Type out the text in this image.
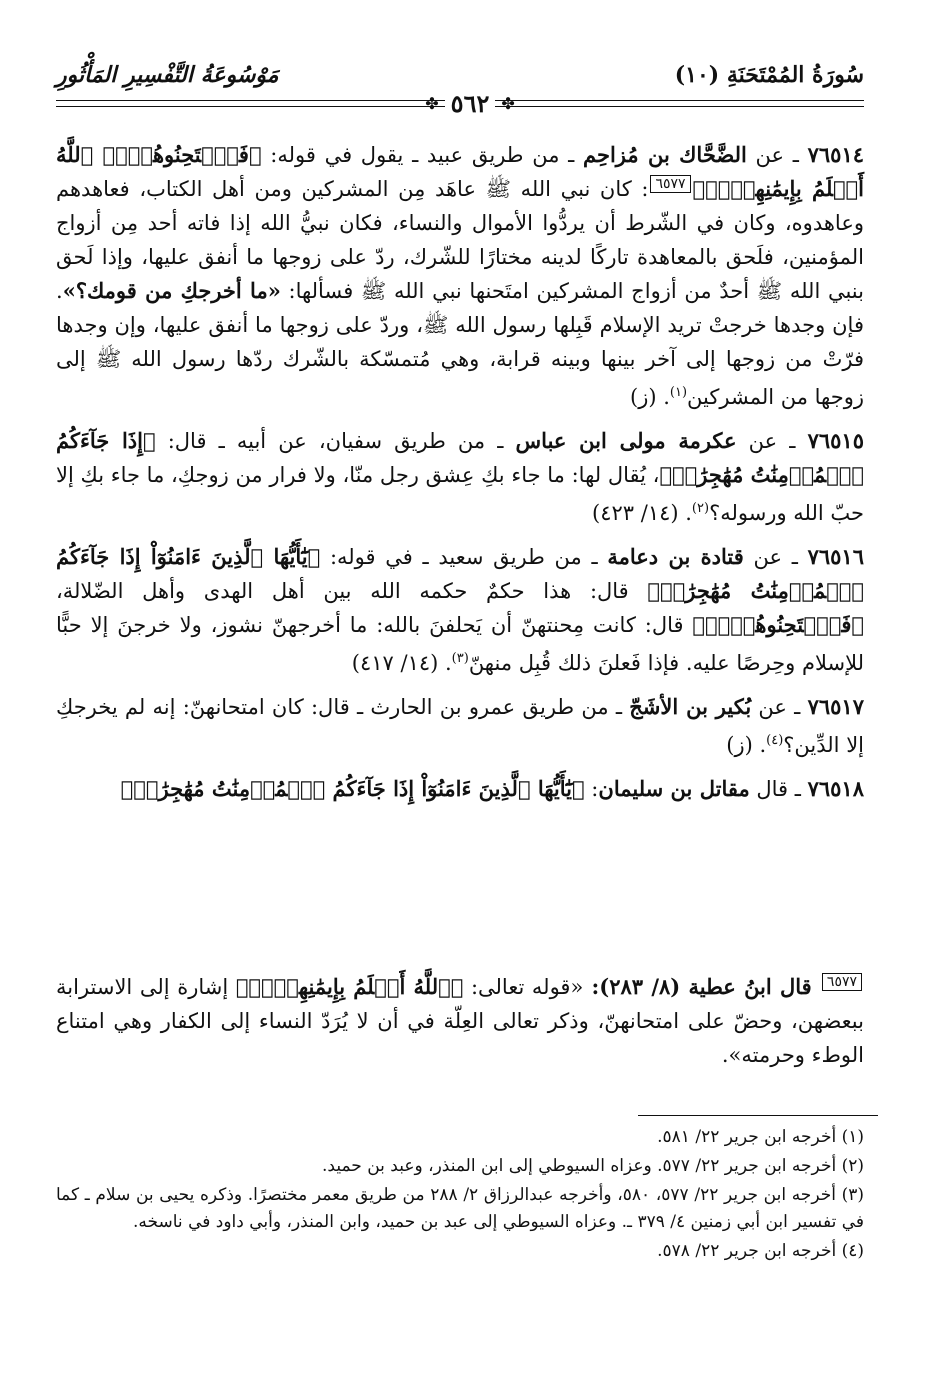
سُورَةُ المُمْتَحَنَةِ (١٠)
مَوْسُوعَةُ التَّفْسِيرِ المَأْثُورِ
✤
٥٦٢
✤

٧٦٥١٤ ـ عن الضَّحَّاك بن مُزاحِم ـ من طريق عبيد ـ يقول في قوله: ﴿فَٱمۡتَحِنُوهُنَّۖ ٱللَّهُ أَعۡلَمُ بِإِيمَٰنِهِنَّۖ﴾٦٥٧٧: كان نبي الله ﷺ عاهَد مِن المشركين ومن أهل الكتاب، فعاهدهم وعاهدوه، وكان في الشّرط أن يردُّوا الأموال والنساء، فكان نبيُّ الله إذا فاته أحد مِن أزواج المؤمنين، فلَحق بالمعاهدة تاركًا لدينه مختارًا للشّرك، ردّ على زوجها ما أنفق عليها، وإذا لَحق بنبي الله ﷺ أحدٌ من أزواج المشركين امتَحنها نبي الله ﷺ فسألها: «ما أخرجكِ من قومك؟». فإن وجدها خرجتْ تريد الإسلام قَبِلها رسول الله ﷺ، وردّ على زوجها ما أنفق عليها، وإن وجدها فرّتْ من زوجها إلى آخر بينها وبينه قرابة، وهي مُتمسّكة بالشّرك ردّها رسول الله ﷺ إلى زوجها من المشركين$^{(١)}$. (ز)

٧٦٥١٥ ـ عن عكرمة مولى ابن عباس ـ من طريق سفيان، عن أبيه ـ قال: ﴿إِذَا جَآءَكُمُ ٱلۡمُؤۡمِنَٰتُ مُهَٰجِرَٰتٖ﴾، يُقال لها: ما جاء بكِ عِشق رجل منّا، ولا فرار من زوجكِ، ما جاء بكِ إلا حبّ الله ورسوله؟$^{(٢)}$. (١٤/ ٤٢٣)

٧٦٥١٦ ـ عن قتادة بن دعامة ـ من طريق سعيد ـ في قوله: ﴿يَٰٓأَيُّهَا ٱلَّذِينَ ءَامَنُوٓاْ إِذَا جَآءَكُمُ ٱلۡمُؤۡمِنَٰتُ مُهَٰجِرَٰتٖ﴾ قال: هذا حكمٌ حكمه الله بين أهل الهدى وأهل الضّلالة، ﴿فَٱمۡتَحِنُوهُنَّۖ﴾ قال: كانت مِحنتهنّ أن يَحلفنَ بالله: ما أخرجهنّ نشوز، ولا خرجنَ إلا حبًّا للإسلام وحِرصًا عليه. فإذا فَعلنَ ذلك قُبِل منهنّ$^{(٣)}$. (١٤/ ٤١٧)

٧٦٥١٧ ـ عن بُكير بن الأشَجّ ـ من طريق عمرو بن الحارث ـ قال: كان امتحانهنّ: إنه لم يخرجكِ إلا الدِّين؟$^{(٤)}$. (ز)

٧٦٥١٨ ـ قال مقاتل بن سليمان: ﴿يَٰٓأَيُّهَا ٱلَّذِينَ ءَامَنُوٓاْ إِذَا جَآءَكُمُ ٱلۡمُؤۡمِنَٰتُ مُهَٰجِرَٰتٖ﴾

٦٥٧٧ قال ابنُ عطية (٨/ ٢٨٣): «قوله تعالى: ﴿ٱللَّهُ أَعۡلَمُ بِإِيمَٰنِهِنَّۖ﴾ إشارة إلى الاسترابة ببعضهن، وحضّ على امتحانهنّ، وذكر تعالى العِلّة في أن لا يُرَدّ النساء إلى الكفار وهي امتناع الوطء وحرمته».

(١) أخرجه ابن جرير ٢٢/ ٥٨١.

(٢) أخرجه ابن جرير ٢٢/ ٥٧٧. وعزاه السيوطي إلى ابن المنذر، وعبد بن حميد.

(٣) أخرجه ابن جرير ٢٢/ ٥٧٧، ٥٨٠، وأخرجه عبدالرزاق ٢/ ٢٨٨ من طريق معمر مختصرًا. وذكره يحيى بن سلام ـ كما في تفسير ابن أبي زمنين ٤/ ٣٧٩ ـ. وعزاه السيوطي إلى عبد بن حميد، وابن المنذر، وأبي داود في ناسخه.

(٤) أخرجه ابن جرير ٢٢/ ٥٧٨.
